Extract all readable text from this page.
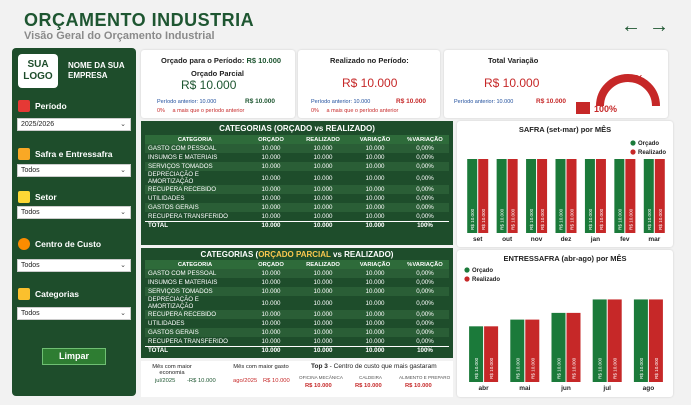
ORÇAMENTO INDUSTRIA
Visão Geral do Orçamento Industrial	← →
SUA LOGO
NOME DA SUA EMPRESA
Período
2025/2026	⌄
Safra e Entressafra
Todos	⌄
Setor
Todos	⌄
Centro de Custo
Todos	⌄
Categorias
Todos	⌄
Limpar
Orçado para o Período: R$ 10.000
Orçado Parcial
R$ 10.000
Período anterior: 10.000	R$ 10.000
0% a mais que o período anterior
Realizado no Período:
R$ 10.000
Período anterior: 10.000	R$ 10.000
0% a mais que o período anterior
Total Variação
R$ 10.000
Período anterior: 10.000	R$ 10.000
100%
100%
CATEGORIAS (ORÇADO vs REALIZADO)
CATEGORIA	ORÇADO	REALIZADO	VARIAÇÃO	%VARIAÇÃO
GASTO COM PESSOAL	10.000	10.000	10.000	0,00%
INSUMOS E MATERIAIS	10.000	10.000	10.000	0,00%
SERVIÇOS TOMADOS	10.000	10.000	10.000	0,00%
DEPRECIAÇÃO E AMORTIZAÇÃO	10.000	10.000	10.000	0,00%
RECUPERA RECEBIDO	10.000	10.000	10.000	0,00%
UTILIDADES	10.000	10.000	10.000	0,00%
GASTOS GERAIS	10.000	10.000	10.000	0,00%
RECUPERA TRANSFERIDO	10.000	10.000	10.000	0,00%
TOTAL	10.000	10.000	10.000	100%
CATEGORIAS (ORÇADO PARCIAL vs REALIZADO)
CATEGORIA	ORÇADO	REALIZADO	VARIAÇÃO	%VARIAÇÃO
GASTO COM PESSOAL	10.000	10.000	10.000	0,00%
INSUMOS E MATERIAIS	10.000	10.000	10.000	0,00%
SERVIÇOS TOMADOS	10.000	10.000	10.000	0,00%
DEPRECIAÇÃO E AMORTIZAÇÃO	10.000	10.000	10.000	0,00%
RECUPERA RECEBIDO	10.000	10.000	10.000	0,00%
UTILIDADES	10.000	10.000	10.000	0,00%
GASTOS GERAIS	10.000	10.000	10.000	0,00%
RECUPERA TRANSFERIDO	10.000	10.000	10.000	0,00%
TOTAL	10.000	10.000	10.000	100%
Mês com maior economia
jul/2025 -R$ 10.000
Mês com maior gasto
ago/2025 R$ 10.000
Top 3 - Centro de custo que mais gastaram
OFICINA MECÂNICA
R$ 10.000
CALDEIRA
R$ 10.000
ALIMENTO E PREPARO
R$ 10.000
SAFRA (set-mar) por MÊS
Orçado
Realizado
R$ 10.000 R$ 10.000
set
R$ 10.000 R$ 10.000
out
R$ 10.000 R$ 10.000
nov
R$ 10.000 R$ 10.000
dez
R$ 10.000 R$ 10.000
jan
R$ 10.000 R$ 10.000
fev
R$ 10.000 R$ 10.000
mar
ENTRESSAFRA (abr-ago) por MÊS
Orçado
Realizado
R$ 10.000 R$ 10.000
abr
R$ 10.000 R$ 10.000
mai
R$ 10.000 R$ 10.000
jun
R$ 10.000 R$ 10.000
jul
R$ 10.000 R$ 10.000
ago
